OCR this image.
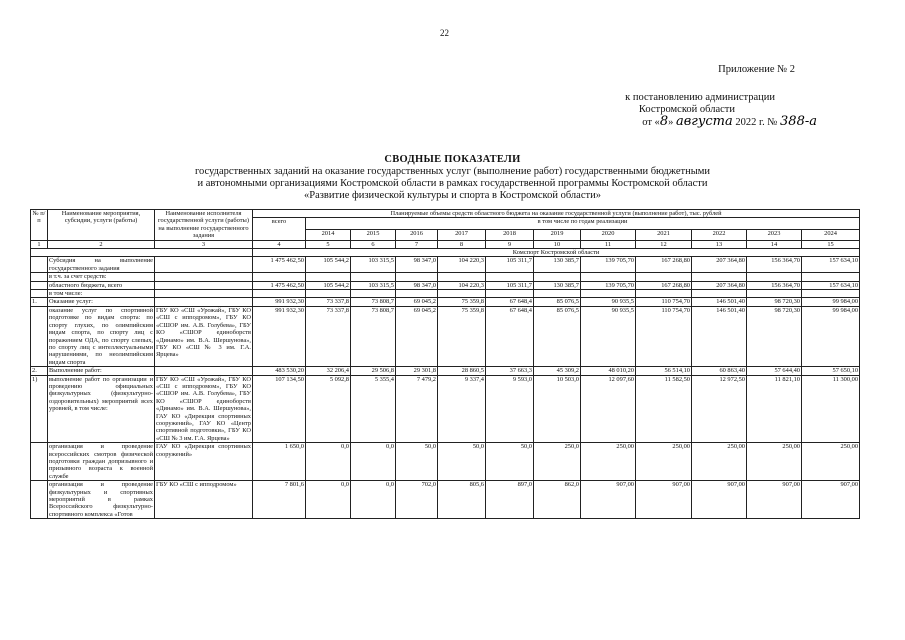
22
Приложение № 2
к постановлению администрации
Костромской области
от «8» августа 2022 г. № 388-а
СВОДНЫЕ ПОКАЗАТЕЛИ
государственных заданий на оказание государственных услуг (выполнение работ) государственными бюджетными
и автономными организациями Костромской области в рамках государственной программы Костромской области
«Развитие физической культуры и спорта в Костромской области»
№ п/п	Наименование мероприятия, субсидии, услуги (работы)	Наименование исполнителя государственной услуги (работы) на выполнение государственного задания	Планируемые объемы средств областного бюджета на оказание государственной услуги (выполнение работ), тыс. рублей											
			всего	в том числе по годам реализации										
				2014	2015	2016	2017	2018	2019	2020	2021	2022	2023	2024

1	2	3	4	5	6	7	8	9	10	11	12	13	14	15
			Комспорт Костромской области											
	Субсидия на выполнение государственного задания		1 475 462,50	105 544,2	103 315,5	98 347,0	104 220,3	105 311,7	130 385,7	139 705,70	167 268,80	207 364,80	156 364,70	157 634,10
	в т.ч. за счет средств:													
	областного бюджета, всего		1 475 462,50	105 544,2	103 315,5	98 347,0	104 220,3	105 311,7	130 385,7	139 705,70	167 268,80	207 364,80	156 364,70	157 634,10
	в том числе:													
1.	Оказание услуг:		991 932,30	73 337,8	73 808,7	69 045,2	75 359,8	67 648,4	85 076,5	90 935,5	110 754,70	146 501,40	98 720,30	99 984,00
	оказание услуг по спортивной подготовке по видам спорта: по спорту глухих, по олимпийским видам спорта, по спорту лиц с поражением ОДА, по спорту слепых, по спорту лиц с интеллектуальными нарушениями, по неолимпийским видам спорта	ГБУ КО «СШ «Урожай», ГБУ КО «СШ с ипподромом», ГБУ КО «СШОР им. А.В. Голубева», ГБУ КО «СШОР единоборств «Динамо» им. В.А. Шершунова», ГБУ КО «СШ № 3 им. Г.А. Ярцева»	991 932,30	73 337,8	73 808,7	69 045,2	75 359,8	67 648,4	85 076,5	90 935,5	110 754,70	146 501,40	98 720,30	99 984,00
2.	Выполнение работ:		483 530,20	32 206,4	29 506,8	29 301,8	28 860,5	37 663,3	45 309,2	48 010,20	56 514,10	60 863,40	57 644,40	57 650,10
1)	выполнение работ по организации и проведению официальных физкультурных (физкультурно-оздоровительных) мероприятий всех уровней, в том числе:	ГБУ КО «СШ «Урожай», ГБУ КО «СШ с ипподромом», ГБУ КО «СШОР им. А.В. Голубева», ГБУ КО «СШОР единоборств «Динамо» им. В.А. Шершунова», ГАУ КО «Дирекция спортивных сооружений», ГАУ КО «Центр спортивной подготовки», ГБУ КО «СШ № 3 им. Г.А. Ярцева»	107 134,50	5 092,8	5 355,4	7 479,2	9 337,4	9 593,0	10 503,0	12 097,60	11 582,50	12 972,50	11 821,10	11 300,00
	организация и проведение всероссийских смотров физической подготовки граждан допризывного и призывного возраста к военной службе	ГАУ КО «Дирекция спортивных сооружений»	1 650,0	0,0	0,0	50,0	50,0	50,0	250,0	250,00	250,00	250,00	250,00	250,00
	организация и проведение физкультурных и спортивных мероприятий в рамках Всероссийского физкультурно-спортивного комплекса «Готов	ГБУ КО «СШ с ипподромом»	7 801,6	0,0	0,0	702,0	805,6	897,0	862,0	907,00	907,00	907,00	907,00	907,00
